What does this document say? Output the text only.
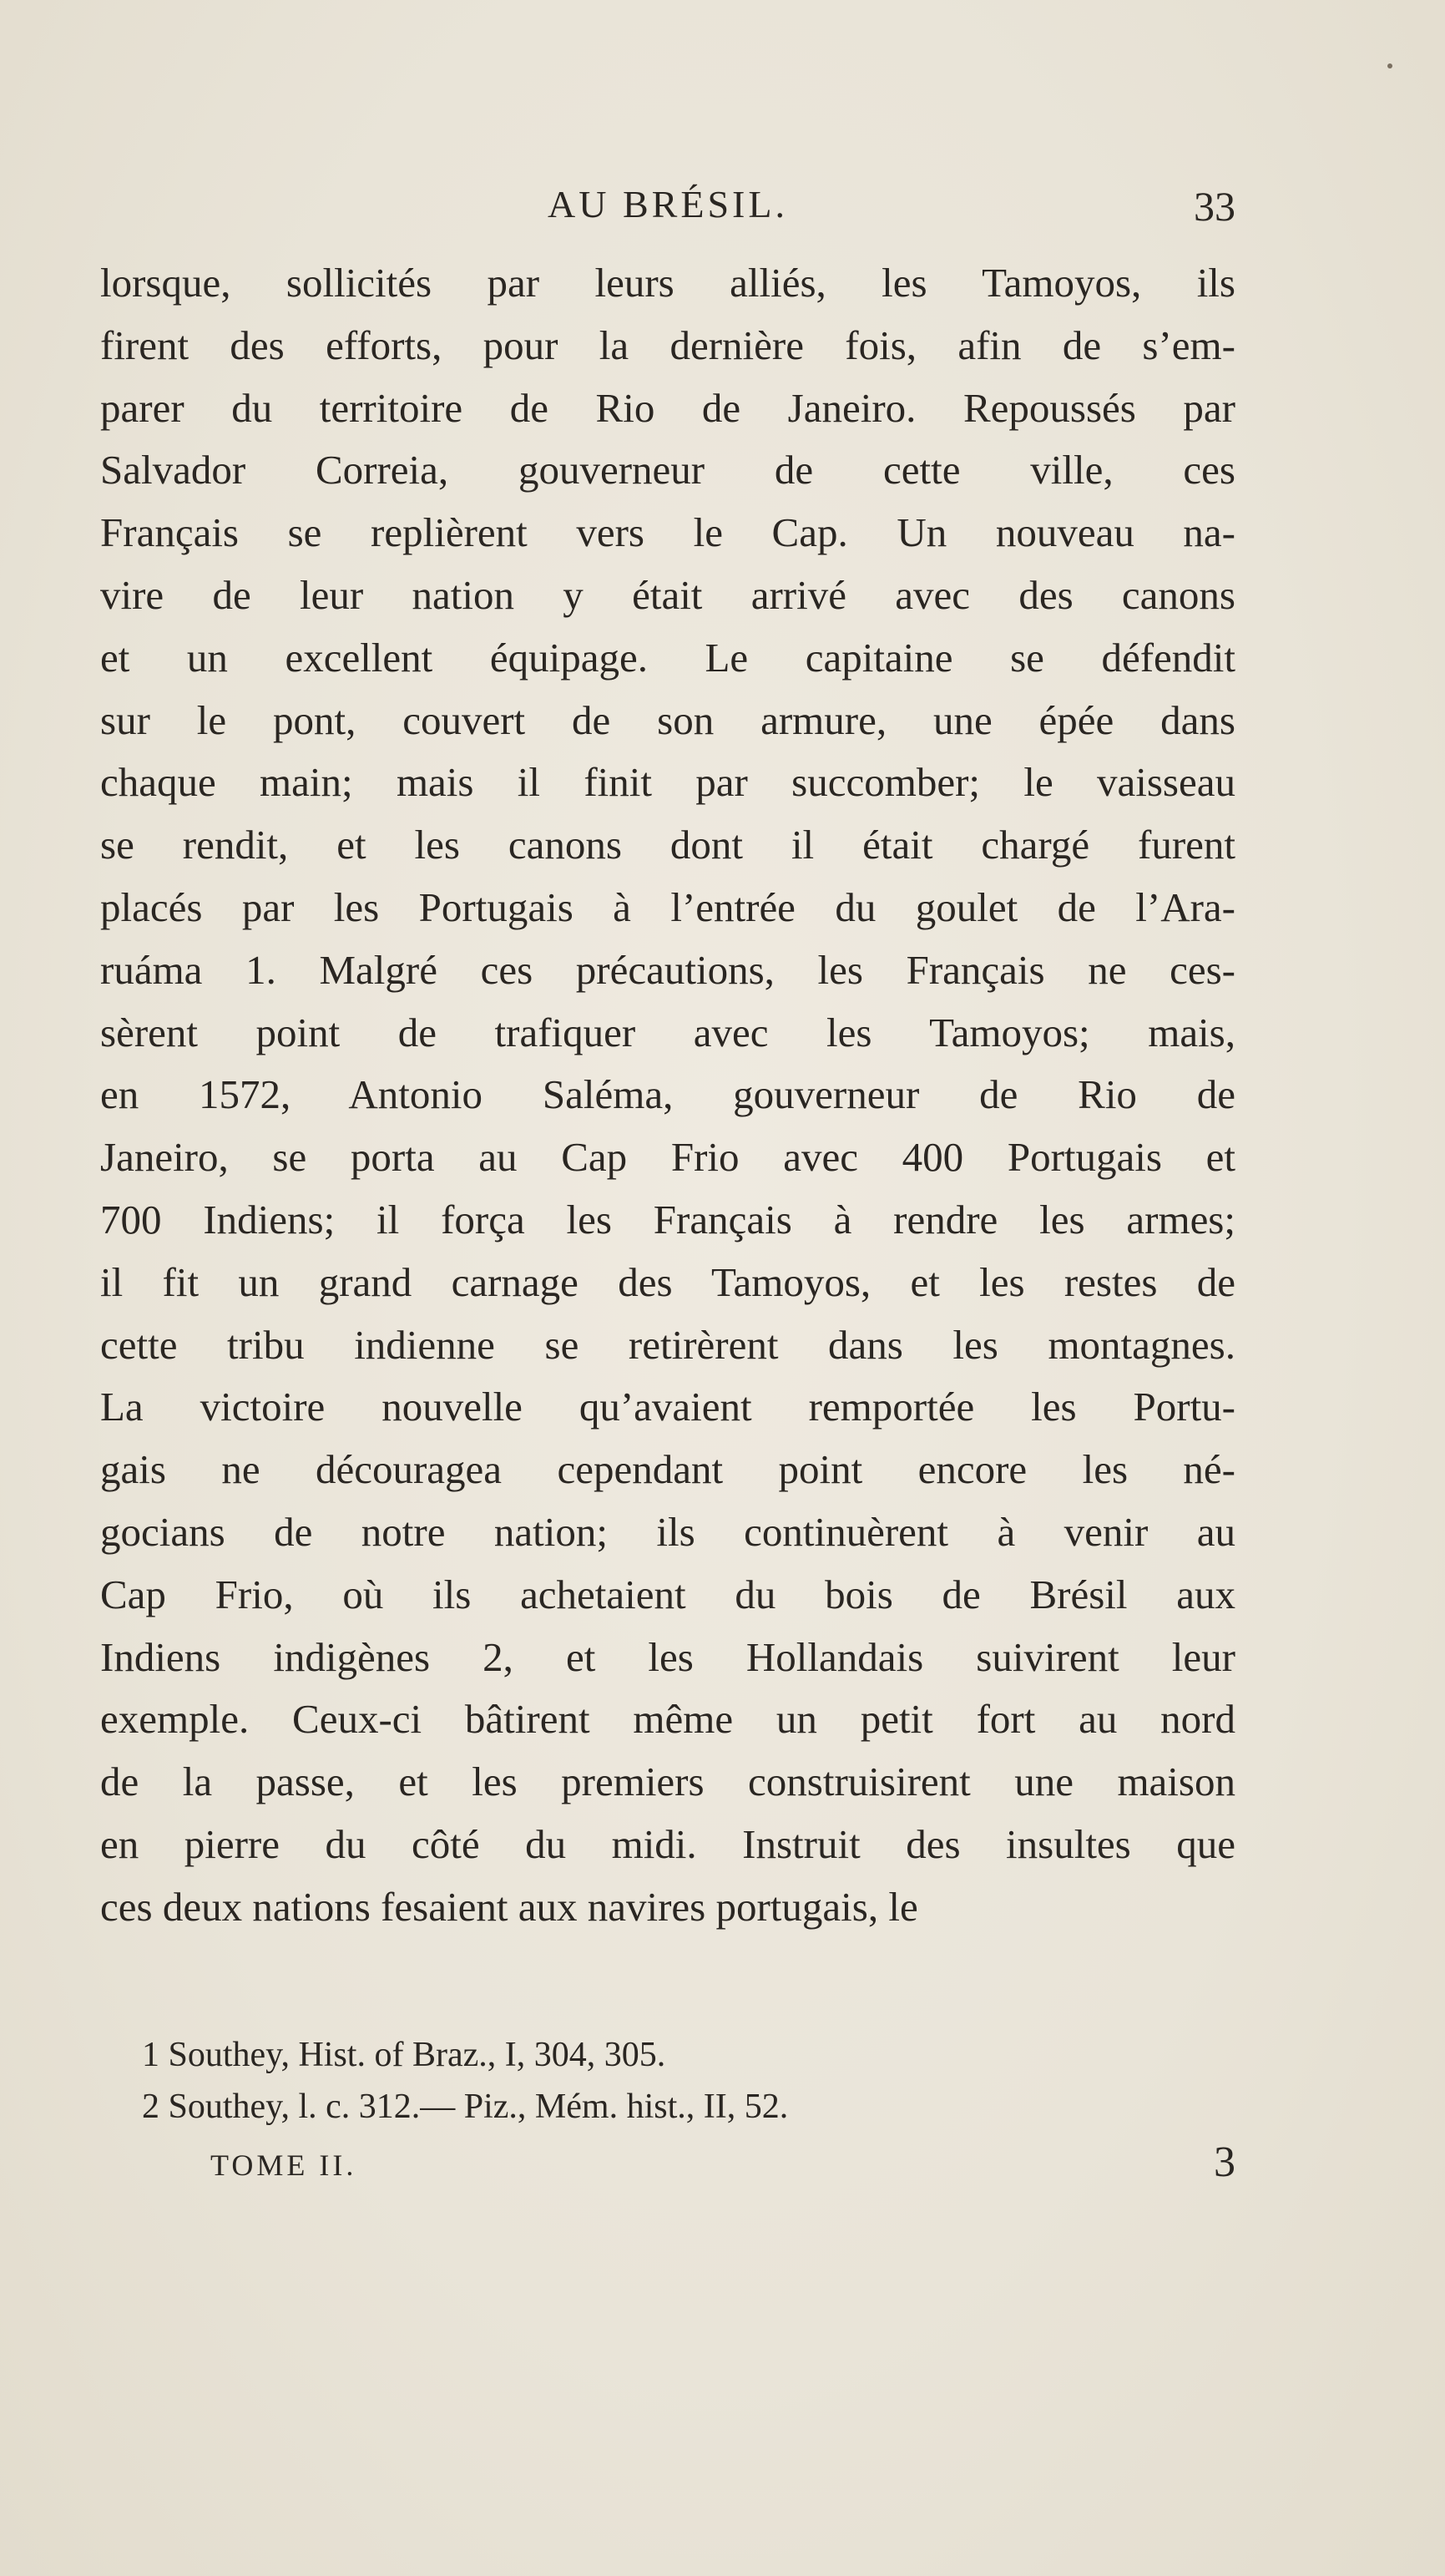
AU BRÉSIL.	33
lorsque, sollicités par leurs alliés, les Tamoyos, ils
firent des efforts, pour la dernière fois, afin de s’em-
parer du territoire de Rio de Janeiro. Repoussés par
Salvador Correia, gouverneur de cette ville, ces
Français se replièrent vers le Cap. Un nouveau na-
vire de leur nation y était arrivé avec des canons
et un excellent équipage. Le capitaine se défendit
sur le pont, couvert de son armure, une épée dans
chaque main; mais il finit par succomber; le vaisseau
se rendit, et les canons dont il était chargé furent
placés par les Portugais à l’entrée du goulet de l’Ara-
ruáma 1. Malgré ces précautions, les Français ne ces-
sèrent point de trafiquer avec les Tamoyos; mais,
en 1572, Antonio Saléma, gouverneur de Rio de
Janeiro, se porta au Cap Frio avec 400 Portugais et
700 Indiens; il força les Français à rendre les armes;
il fit un grand carnage des Tamoyos, et les restes de
cette tribu indienne se retirèrent dans les montagnes.
La victoire nouvelle qu’avaient remportée les Portu-
gais ne découragea cependant point encore les né-
gocians de notre nation; ils continuèrent à venir au
Cap Frio, où ils achetaient du bois de Brésil aux
Indiens indigènes 2, et les Hollandais suivirent leur
exemple. Ceux-ci bâtirent même un petit fort au nord
de la passe, et les premiers construisirent une maison
en pierre du côté du midi. Instruit des insultes que
ces deux nations fesaient aux navires portugais, le
1 Southey, Hist. of Braz., I, 304, 305.
2 Southey, l. c. 312.— Piz., Mém. hist., II, 52.
TOME II.	3
